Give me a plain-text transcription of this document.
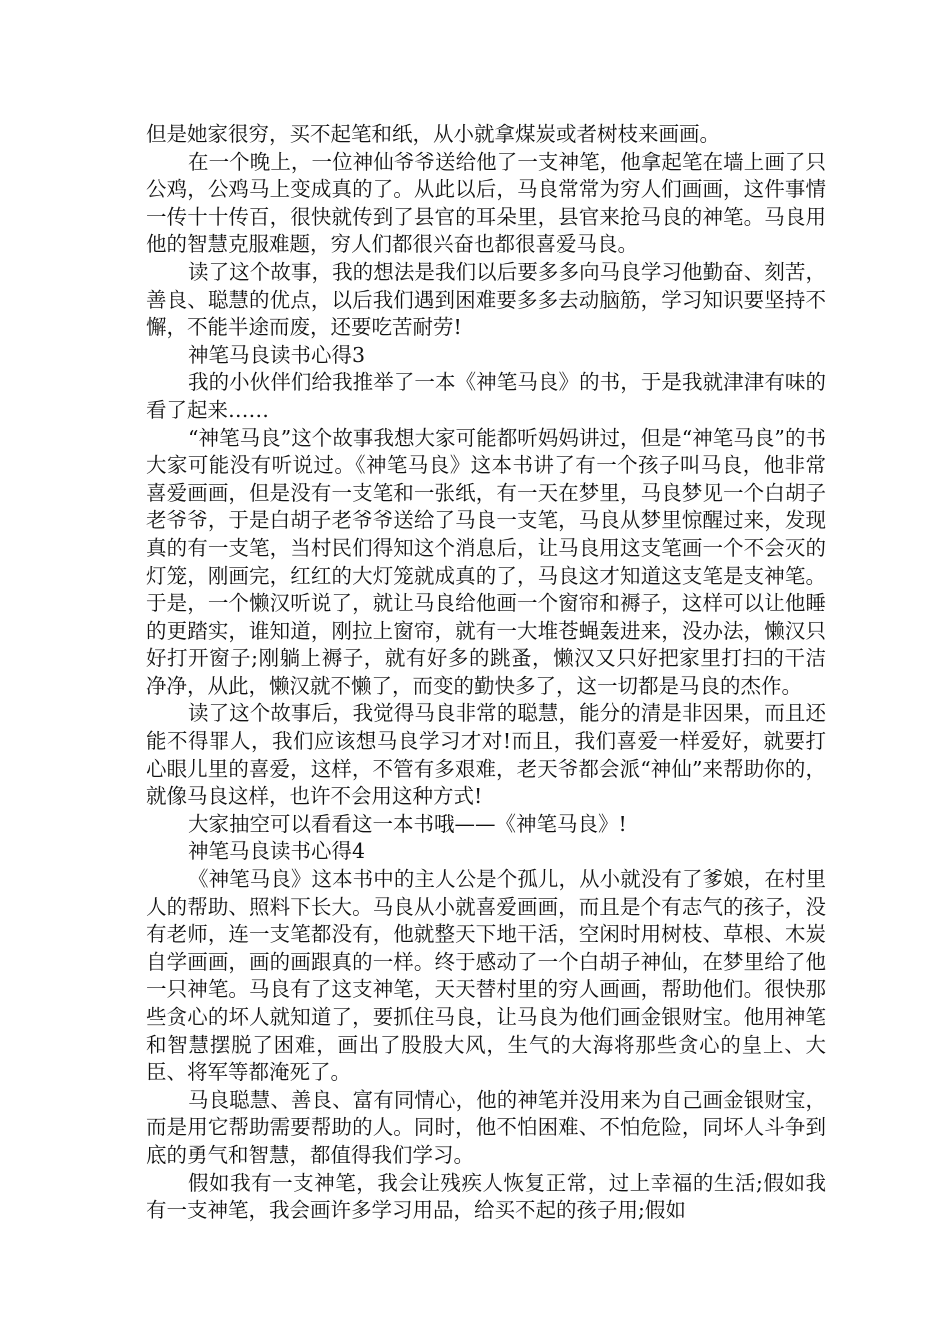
但是她家很穷，买不起笔和纸，从小就拿煤炭或者树枝来画画。

在一个晚上，一位神仙爷爷送给他了一支神笔，他拿起笔在墙上画了只公鸡，公鸡马上变成真的了。从此以后，马良常常为穷人们画画，这件事情一传十十传百，很快就传到了县官的耳朵里，县官来抢马良的神笔。马良用他的智慧克服难题，穷人们都很兴奋也都很喜爱马良。

读了这个故事，我的想法是我们以后要多多向马良学习他勤奋、刻苦，善良、聪慧的优点，以后我们遇到困难要多多去动脑筋，学习知识要坚持不懈，不能半途而废，还要吃苦耐劳!

神笔马良读书心得3

我的小伙伴们给我推举了一本《神笔马良》的书，于是我就津津有味的看了起来……

“神笔马良”这个故事我想大家可能都听妈妈讲过，但是“神笔马良”的书大家可能没有听说过。《神笔马良》这本书讲了有一个孩子叫马良，他非常喜爱画画，但是没有一支笔和一张纸，有一天在梦里，马良梦见一个白胡子老爷爷，于是白胡子老爷爷送给了马良一支笔，马良从梦里惊醒过来，发现真的有一支笔，当村民们得知这个消息后，让马良用这支笔画一个不会灭的灯笼，刚画完，红红的大灯笼就成真的了，马良这才知道这支笔是支神笔。于是，一个懒汉听说了，就让马良给他画一个窗帘和褥子，这样可以让他睡的更踏实，谁知道，刚拉上窗帘，就有一大堆苍蝇轰进来，没办法，懒汉只好打开窗子;刚躺上褥子，就有好多的跳蚤，懒汉又只好把家里打扫的干洁净净，从此，懒汉就不懒了，而变的勤快多了，这一切都是马良的杰作。

读了这个故事后，我觉得马良非常的聪慧，能分的清是非因果，而且还能不得罪人，我们应该想马良学习才对!而且，我们喜爱一样爱好，就要打心眼儿里的喜爱，这样，不管有多艰难，老天爷都会派“神仙”来帮助你的，就像马良这样，也许不会用这种方式!

大家抽空可以看看这一本书哦——《神笔马良》!

神笔马良读书心得4

《神笔马良》这本书中的主人公是个孤儿，从小就没有了爹娘，在村里人的帮助、照料下长大。马良从小就喜爱画画，而且是个有志气的孩子，没有老师，连一支笔都没有，他就整天下地干活，空闲时用树枝、草根、木炭自学画画，画的画跟真的一样。终于感动了一个白胡子神仙，在梦里给了他一只神笔。马良有了这支神笔，天天替村里的穷人画画，帮助他们。很快那些贪心的坏人就知道了，要抓住马良，让马良为他们画金银财宝。他用神笔和智慧摆脱了困难，画出了股股大风，生气的大海将那些贪心的皇上、大臣、将军等都淹死了。

马良聪慧、善良、富有同情心，他的神笔并没用来为自己画金银财宝，而是用它帮助需要帮助的人。同时，他不怕困难、不怕危险，同坏人斗争到底的勇气和智慧，都值得我们学习。

假如我有一支神笔，我会让残疾人恢复正常，过上幸福的生活;假如我有一支神笔，我会画许多学习用品，给买不起的孩子用;假如
